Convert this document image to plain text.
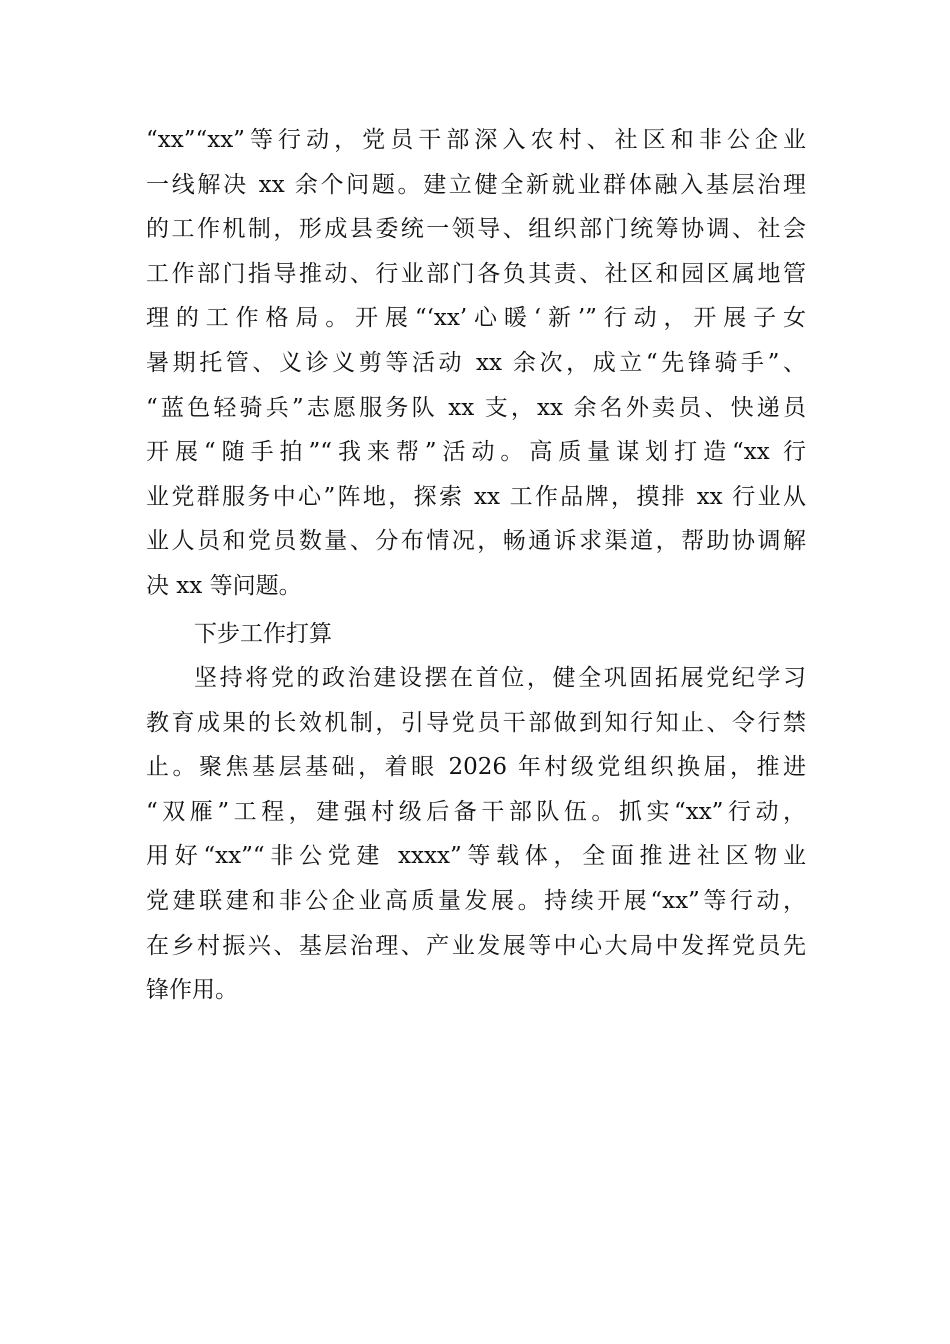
“xx”“xx”等行动，党员干部深入农村、社区和非公企业
一线解决 xx 余个问题。建立健全新就业群体融入基层治理
的工作机制，形成县委统一领导、组织部门统筹协调、社会
工作部门指导推动、行业部门各负其责、社区和园区属地管
理的工作格局。开展“‘xx’心暖‘新’”行动，开展子女
暑期托管、义诊义剪等活动 xx 余次，成立“先锋骑手”、
“蓝色轻骑兵”志愿服务队 xx 支，xx 余名外卖员、快递员
开展“随手拍”“我来帮”活动。高质量谋划打造“xx 行
业党群服务中心”阵地，探索 xx 工作品牌，摸排 xx 行业从
业人员和党员数量、分布情况，畅通诉求渠道，帮助协调解
决 xx 等问题。
下步工作打算
坚持将党的政治建设摆在首位，健全巩固拓展党纪学习
教育成果的长效机制，引导党员干部做到知行知止、令行禁
止。聚焦基层基础，着眼 2026 年村级党组织换届，推进
“双雁”工程，建强村级后备干部队伍。抓实“xx”行动，
用好“xx”“非公党建 xxxx”等载体，全面推进社区物业
党建联建和非公企业高质量发展。持续开展“xx”等行动，
在乡村振兴、基层治理、产业发展等中心大局中发挥党员先
锋作用。
